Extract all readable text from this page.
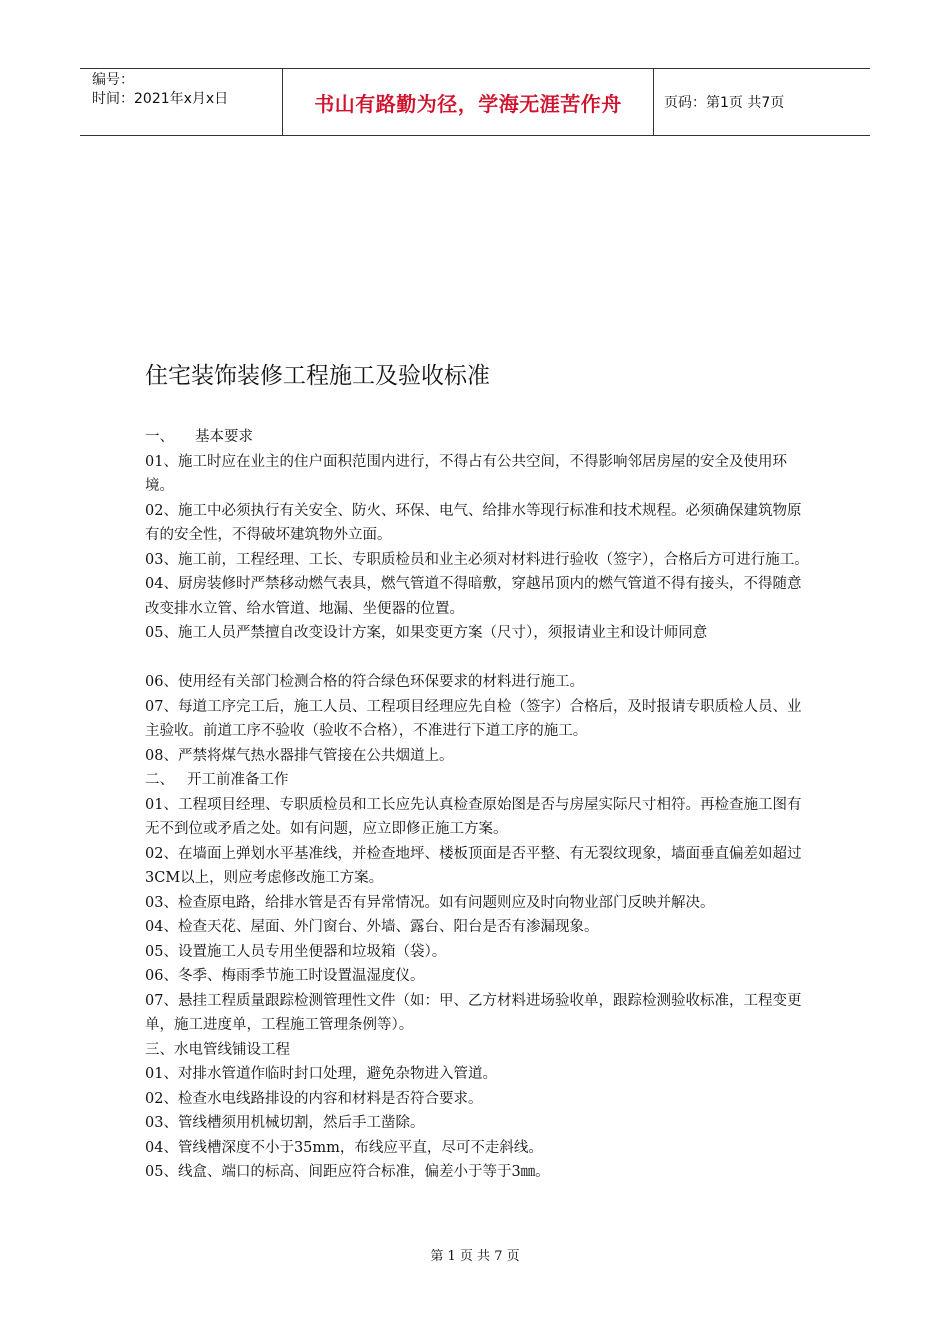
编号：
时间：2021年x月x日	书山有路勤为径，学海无涯苦作舟	页码：第1页 共7页
住宅装饰装修工程施工及验收标准
一、	基本要求

01、施工时应在业主的住户面积范围内进行，不得占有公共空间，不得影响邻居房屋的安全及使用环境。

02、施工中必须执行有关安全、防火、环保、电气、给排水等现行标准和技术规程。必须确保建筑物原有的安全性，不得破坏建筑物外立面。

03、施工前，工程经理、工长、专职质检员和业主必须对材料进行验收（签字），合格后方可进行施工。

04、厨房装修时严禁移动燃气表具，燃气管道不得暗敷，穿越吊顶内的燃气管道不得有接头，不得随意改变排水立管、给水管道、地漏、坐便器的位置。

05、施工人员严禁擅自改变设计方案，如果变更方案（尺寸），须报请业主和设计师同意

06、使用经有关部门检测合格的符合绿色环保要求的材料进行施工。

07、每道工序完工后，施工人员、工程项目经理应先自检（签字）合格后，及时报请专职质检人员、业主验收。前道工序不验收（验收不合格），不准进行下道工序的施工。

08、严禁将煤气热水器排气管接在公共烟道上。

二、 开工前准备工作

01、工程项目经理、专职质检员和工长应先认真检查原始图是否与房屋实际尺寸相符。再检查施工图有无不到位或矛盾之处。如有问题，应立即修正施工方案。

02、在墙面上弹划水平基准线，并检查地坪、楼板顶面是否平整、有无裂纹现象，墙面垂直偏差如超过3CM以上，则应考虑修改施工方案。

03、检查原电路，给排水管是否有异常情况。如有问题则应及时向物业部门反映并解决。

04、检查天花、屋面、外门窗台、外墙、露台、阳台是否有渗漏现象。

05、设置施工人员专用坐便器和垃圾箱（袋）。

06、冬季、梅雨季节施工时设置温湿度仪。

07、悬挂工程质量跟踪检测管理性文件（如：甲、乙方材料进场验收单，跟踪检测验收标准，工程变更单，施工进度单，工程施工管理条例等）。

三、水电管线铺设工程

01、对排水管道作临时封口处理，避免杂物进入管道。

02、检查水电线路排设的内容和材料是否符合要求。

03、管线槽须用机械切割，然后手工凿除。

04、管线槽深度不小于35mm，布线应平直，尽可不走斜线。

05、线盒、端口的标高、间距应符合标准，偏差小于等于3㎜。

第 1 页 共 7 页
